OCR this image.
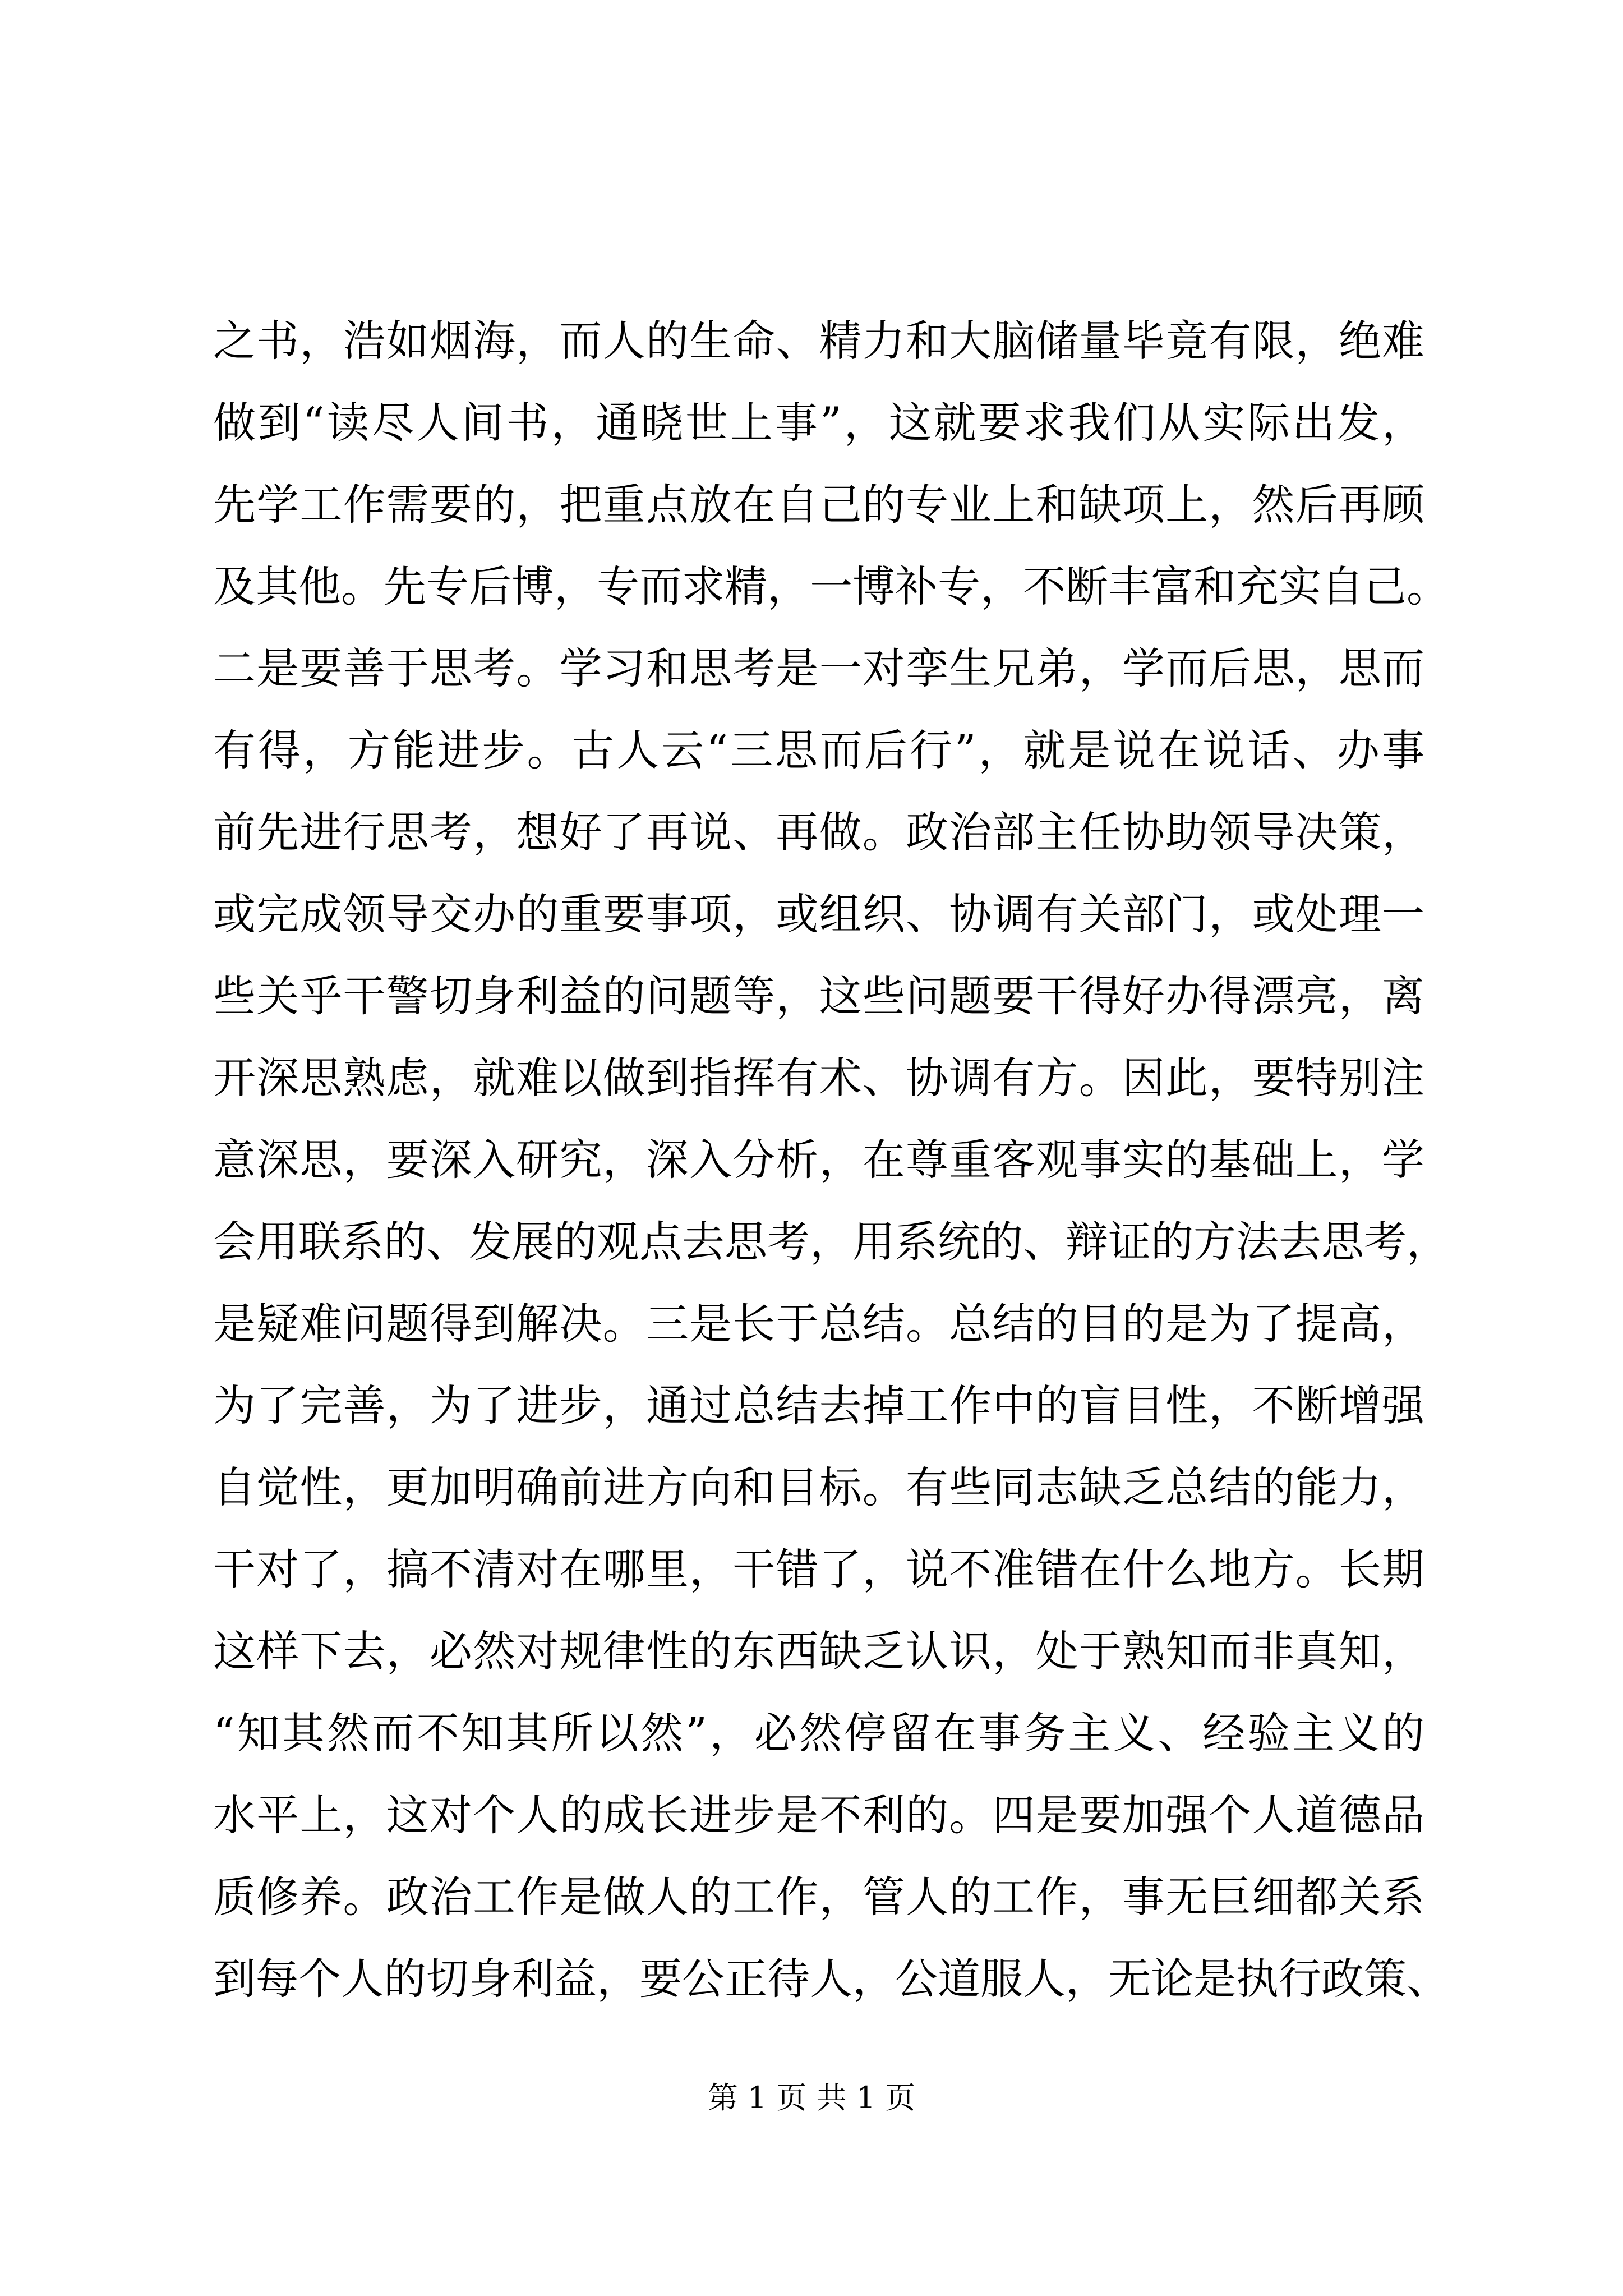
之书，浩如烟海，而人的生命、精力和大脑储量毕竟有限，绝难
做到“读尽人间书，通晓世上事”，这就要求我们从实际出发，
先学工作需要的，把重点放在自己的专业上和缺项上，然后再顾
及其他。先专后博，专而求精，一博补专，不断丰富和充实自己。
二是要善于思考。学习和思考是一对孪生兄弟，学而后思，思而
有得，方能进步。古人云“三思而后行”，就是说在说话、办事
前先进行思考，想好了再说、再做。政治部主任协助领导决策，
或完成领导交办的重要事项，或组织、协调有关部门，或处理一
些关乎干警切身利益的问题等，这些问题要干得好办得漂亮，离
开深思熟虑，就难以做到指挥有术、协调有方。因此，要特别注
意深思，要深入研究，深入分析，在尊重客观事实的基础上，学
会用联系的、发展的观点去思考，用系统的、辩证的方法去思考，
是疑难问题得到解决。三是长于总结。总结的目的是为了提高，
为了完善，为了进步，通过总结去掉工作中的盲目性，不断增强
自觉性，更加明确前进方向和目标。有些同志缺乏总结的能力，
干对了，搞不清对在哪里，干错了，说不准错在什么地方。长期
这样下去，必然对规律性的东西缺乏认识，处于熟知而非真知，
“知其然而不知其所以然”，必然停留在事务主义、经验主义的
水平上，这对个人的成长进步是不利的。四是要加强个人道德品
质修养。政治工作是做人的工作，管人的工作，事无巨细都关系
到每个人的切身利益，要公正待人，公道服人，无论是执行政策、
第 1 页 共 1 页
